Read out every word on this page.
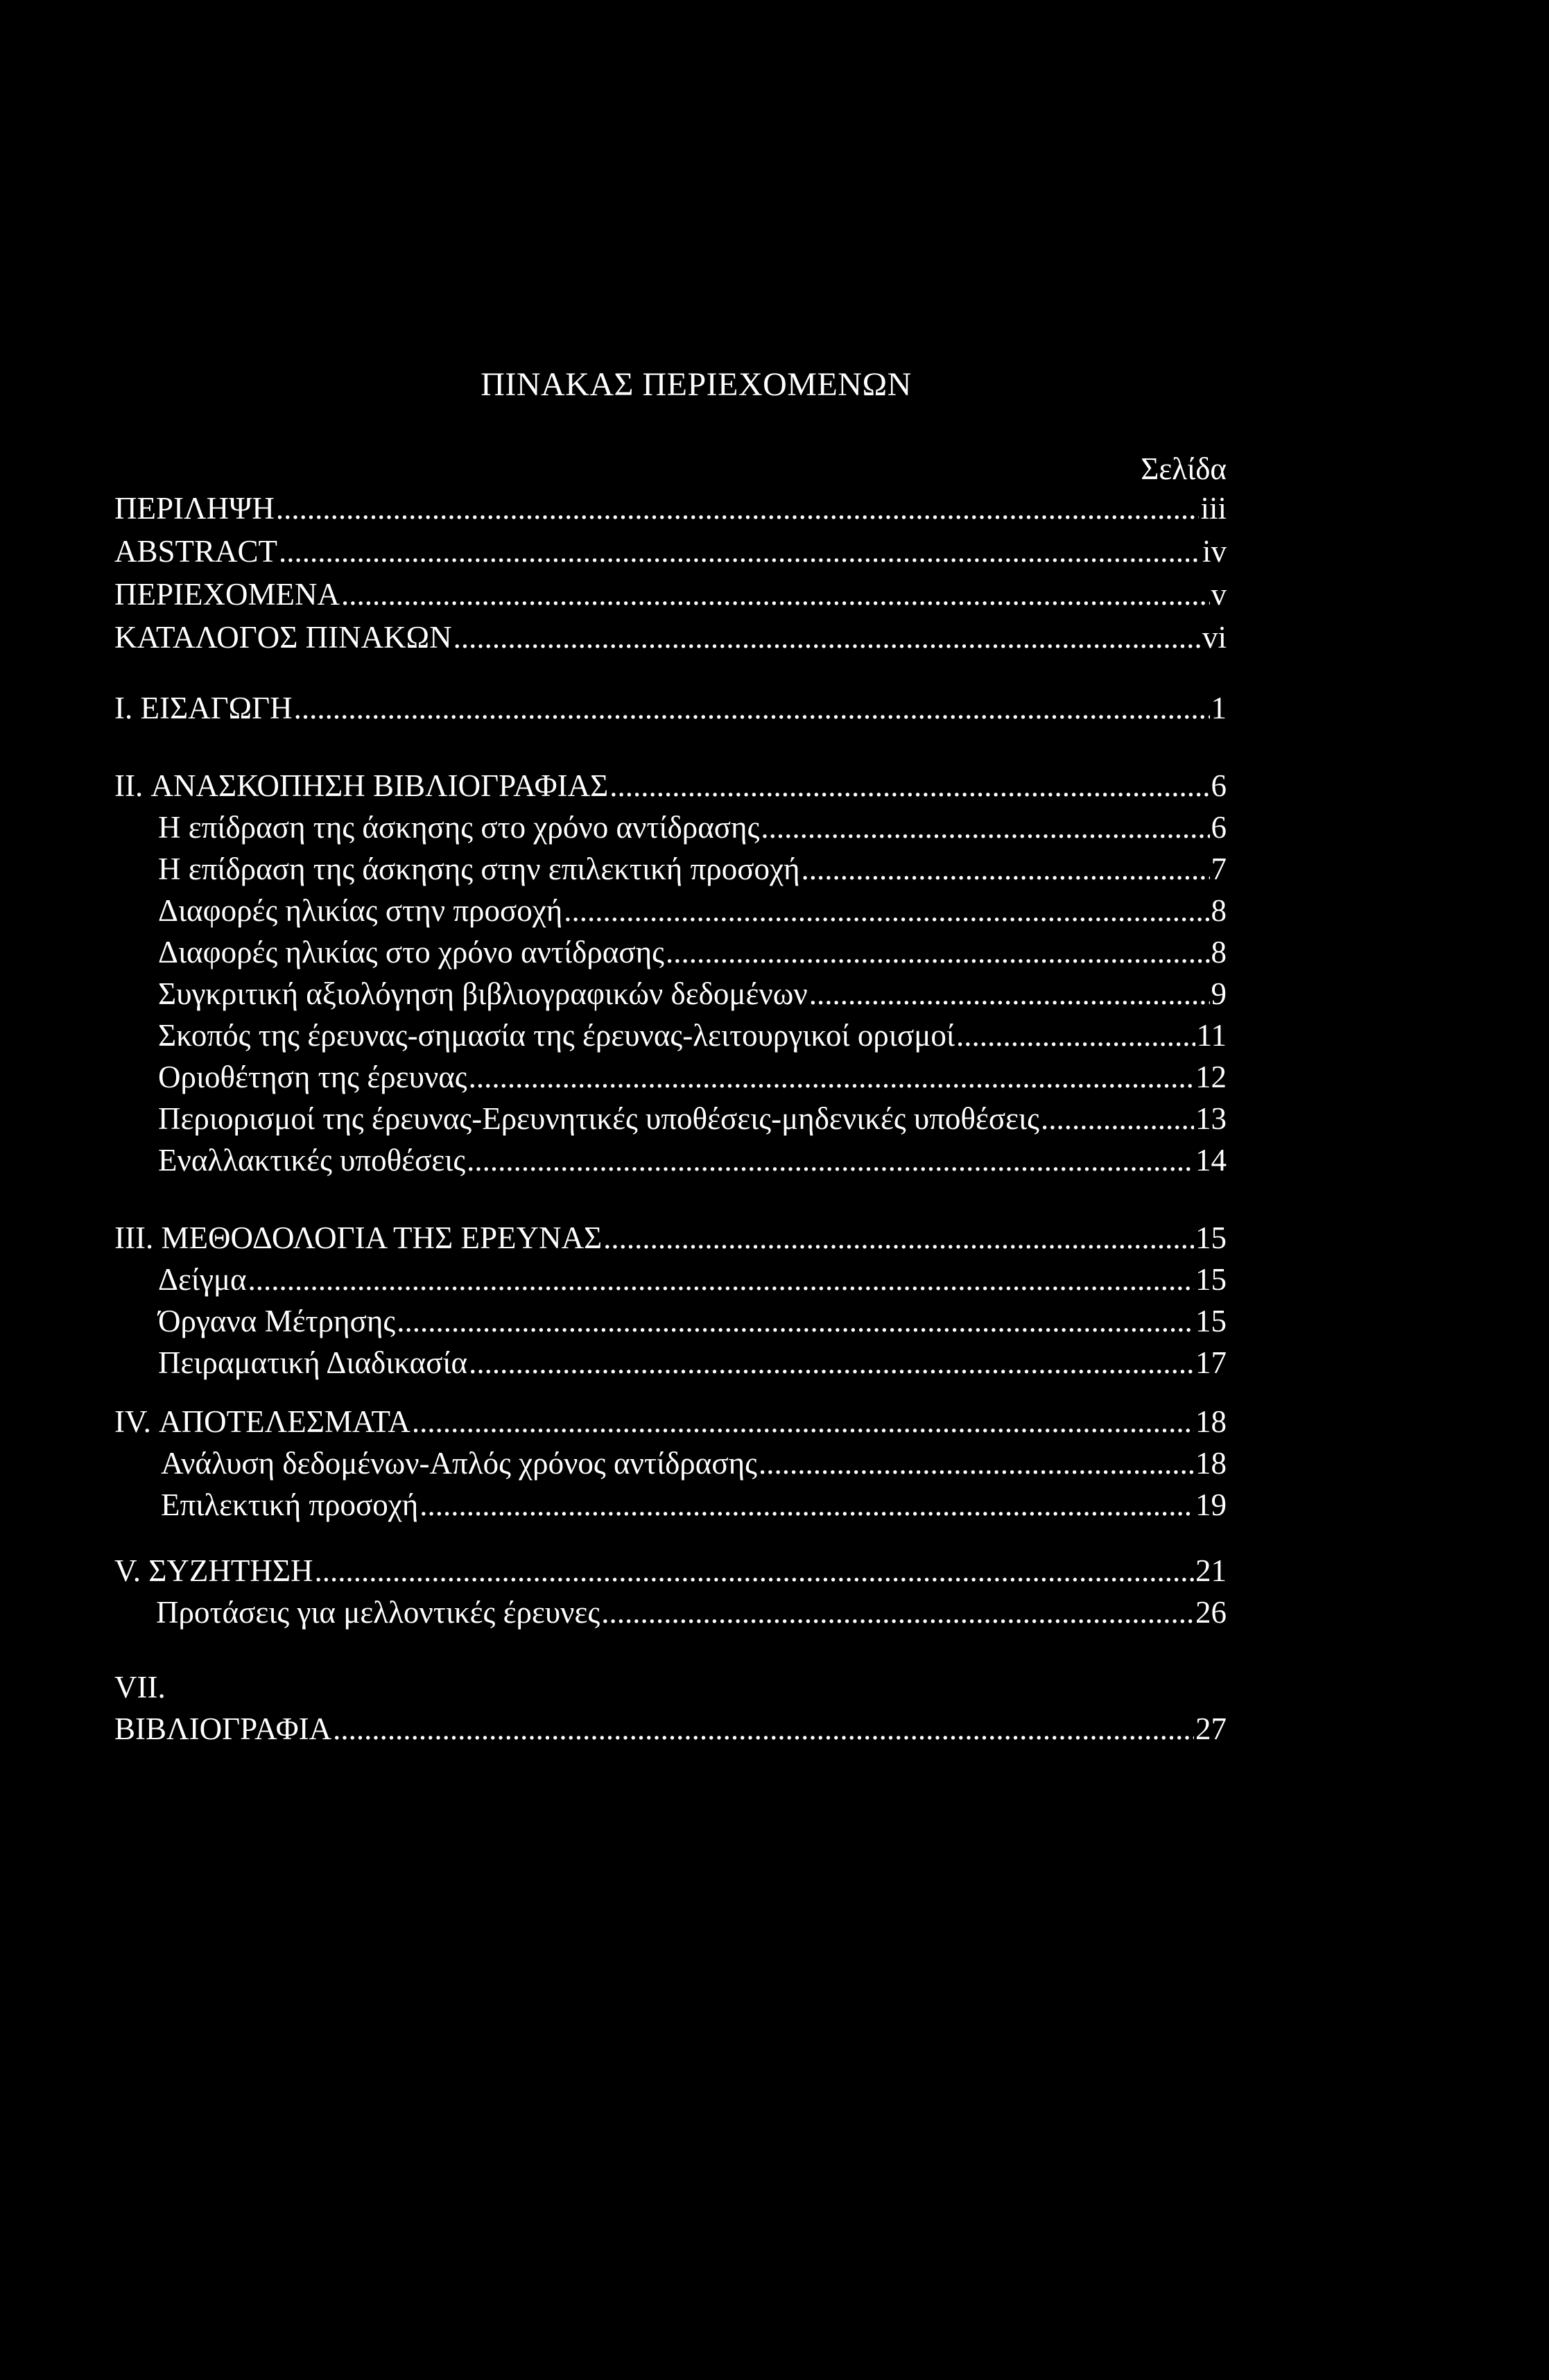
ΠΙΝΑΚΑΣ ΠΕΡΙΕΧΟΜΕΝΩΝ
Σελίδα
ΠΕΡΙΛΗΨΗ .....	iii
ABSTRACT .....	iv
ΠΕΡΙΕΧΟΜΕΝΑ .....	v
ΚΑΤΑΛΟΓΟΣ ΠΙΝΑΚΩΝ .....	vi
I. ΕΙΣΑΓΩΓΗ .....	1
II. ΑΝΑΣΚΟΠΗΣΗ ΒΙΒΛΙΟΓΡΑΦΙΑΣ .....	6
Η επίδραση της άσκησης στο χρόνο αντίδρασης .....	6
Η επίδραση της άσκησης στην επιλεκτική προσοχή .....	7
Διαφορές ηλικίας στην προσοχή .....	8
Διαφορές ηλικίας στο χρόνο αντίδρασης .....	8
Συγκριτική αξιολόγηση βιβλιογραφικών δεδομένων .....	9
Σκοπός της έρευνας-σημασία της έρευνας-λειτουργικοί ορισμοί .....	11
Οριοθέτηση της έρευνας .....	12
Περιορισμοί της έρευνας-Ερευνητικές υποθέσεις-μηδενικές υποθέσεις .....	13
Εναλλακτικές υποθέσεις .....	14
III. ΜΕΘΟΔΟΛΟΓΙΑ ΤΗΣ ΕΡΕΥΝΑΣ .....	15
Δείγμα .....	15
Όργανα Μέτρησης .....	15
Πειραματική Διαδικασία .....	17
IV. ΑΠΟΤΕΛΕΣΜΑΤΑ .....	18
Ανάλυση δεδομένων-Απλός χρόνος αντίδρασης .....	18
Επιλεκτική προσοχή .....	19
V. ΣΥΖΗΤΗΣΗ .....	21
Προτάσεις για μελλοντικές έρευνες .....	26
VII.
ΒΙΒΛΙΟΓΡΑΦΙΑ .....	27
